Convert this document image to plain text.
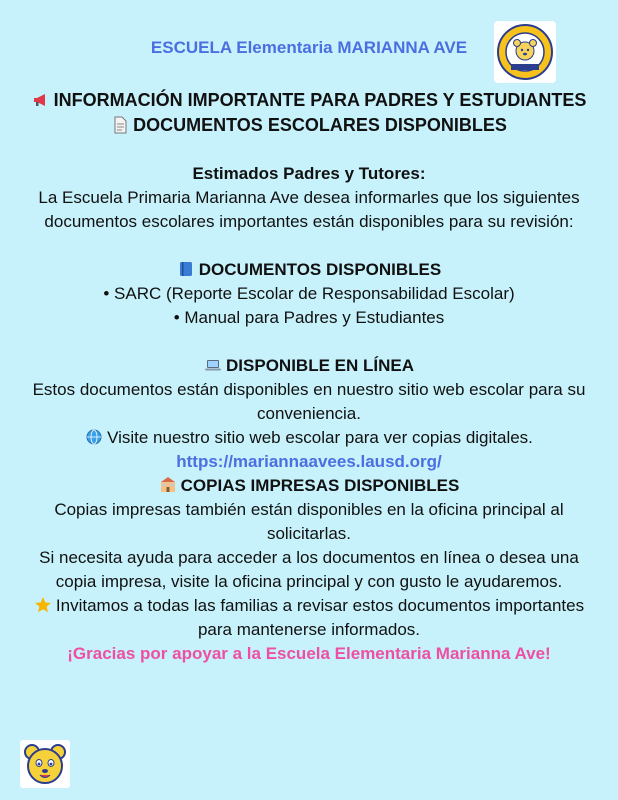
ESCUELA Elementaria MARIANNA AVE
INFORMACIÓN IMPORTANTE PARA PADRES Y ESTUDIANTES
DOCUMENTOS ESCOLARES DISPONIBLES
Estimados Padres y Tutores:
La Escuela Primaria Marianna Ave desea informarles que los siguientes documentos escolares importantes están disponibles para su revisión:
DOCUMENTOS DISPONIBLES
• SARC (Reporte Escolar de Responsabilidad Escolar)
• Manual para Padres y Estudiantes
DISPONIBLE EN LÍNEA
Estos documentos están disponibles en nuestro sitio web escolar para su conveniencia.
Visite nuestro sitio web escolar para ver copias digitales.
https://mariannaavees.lausd.org/
COPIAS IMPRESAS DISPONIBLES
Copias impresas también están disponibles en la oficina principal al solicitarlas.
Si necesita ayuda para acceder a los documentos en línea o desea una copia impresa, visite la oficina principal y con gusto le ayudaremos.
Invitamos a todas las familias a revisar estos documentos importantes para mantenerse informados.
¡Gracias por apoyar a la Escuela Elementaria Marianna Ave!
